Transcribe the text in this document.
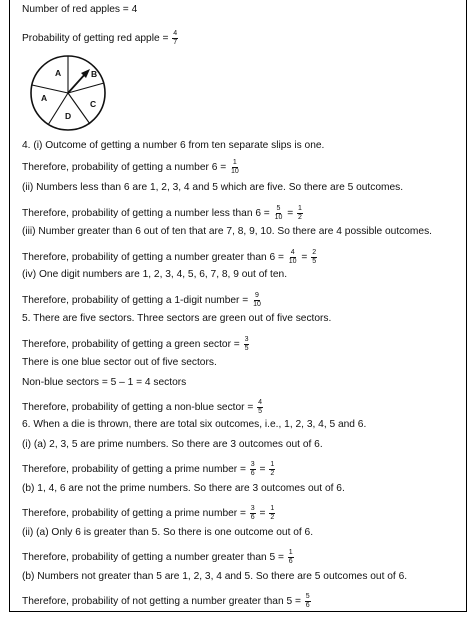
Number of red apples = 4
Probability of getting red apple = $\frac{4}{7}$
A	B
C
D
A
4. (i) Outcome of getting a number 6 from ten separate slips is one.
Therefore, probability of getting a number $6 = \frac{1}{10}$
(ii) Numbers less than 6 are 1, 2, 3, 4 and 5 which are five. So there are 5 outcomes.
Therefore, probability of getting a number less than $6 = \frac{5}{10} = \frac{1}{2}$
(iii) Number greater than 6 out of ten that are 7, 8, 9, 10. So there are 4 possible outcomes.
Therefore, probability of getting a number greater than $6 = \frac{4}{10} = \frac{2}{5}$
(iv) One digit numbers are 1, 2, 3, 4, 5, 6, 7, 8, 9 out of ten.
Therefore, probability of getting a 1-digit number = $\frac{9}{10}$
5. There are five sectors. Three sectors are green out of five sectors.
Therefore, probability of getting a green sector = $\frac{3}{5}$
There is one blue sector out of five sectors.
Non-blue sectors = 5 – 1 = 4 sectors
Therefore, probability of getting a non-blue sector = $\frac{4}{5}$
6. When a die is thrown, there are total six outcomes, i.e., 1, 2, 3, 4, 5 and 6.
(i) (a) 2, 3, 5 are prime numbers. So there are 3 outcomes out of 6.
Therefore, probability of getting a prime number = $\frac{3}{6} = \frac{1}{2}$
(b) 1, 4, 6 are not the prime numbers. So there are 3 outcomes out of 6.
Therefore, probability of getting a prime number = $\frac{3}{6} = \frac{1}{2}$
(ii) (a) Only 6 is greater than 5. So there is one outcome out of 6.
Therefore, probability of getting a number greater than $5 = \frac{1}{6}$
(b) Numbers not greater than 5 are 1, 2, 3, 4 and 5. So there are 5 outcomes out of 6.
Therefore, probability of not getting a number greater than $5 = \frac{5}{6}$
